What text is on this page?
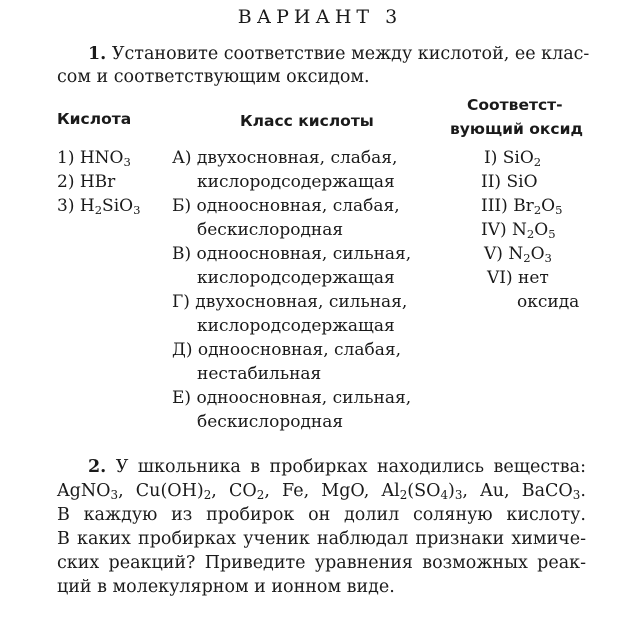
ВАРИАНТ 3
1. Установите соответствие между кислотой, ее клас-
сом и соответствующим оксидом.
Кислота	Класс кислоты
Соответст-
вующий оксид
1) $HNO_3$
2) HBr
3) $H_2SiO_3$
А) двухосновная, слабая,
кислородсодержащая
Б) одноосновная, слабая,
бескислородная
В) одноосновная, сильная,
кислородсодержащая
Г) двухосновная, сильная,
кислородсодержащая
Д) одноосновная, слабая,
нестабильная
Е) одноосновная, сильная,
бескислородная
I) SiO$_2$
II) SiO
III) $Br_2O_5$
IV) $N_2O_5$
V) $N_2O_3$
VI) нет
оксида
2. У школьника в пробирках находились вещества:
AgNO$_3$, $Cu(OH)_2$, $CO_2$, Fe, MgO, $Al_2(SO_4)_3$, Au, BaCO$_3$.
В каждую из пробирок он долил соляную кислоту.
В каких пробирках ученик наблюдал признаки химиче-
ских реакций? Приведите уравнения возможных реак-
ций в молекулярном и ионном виде.
